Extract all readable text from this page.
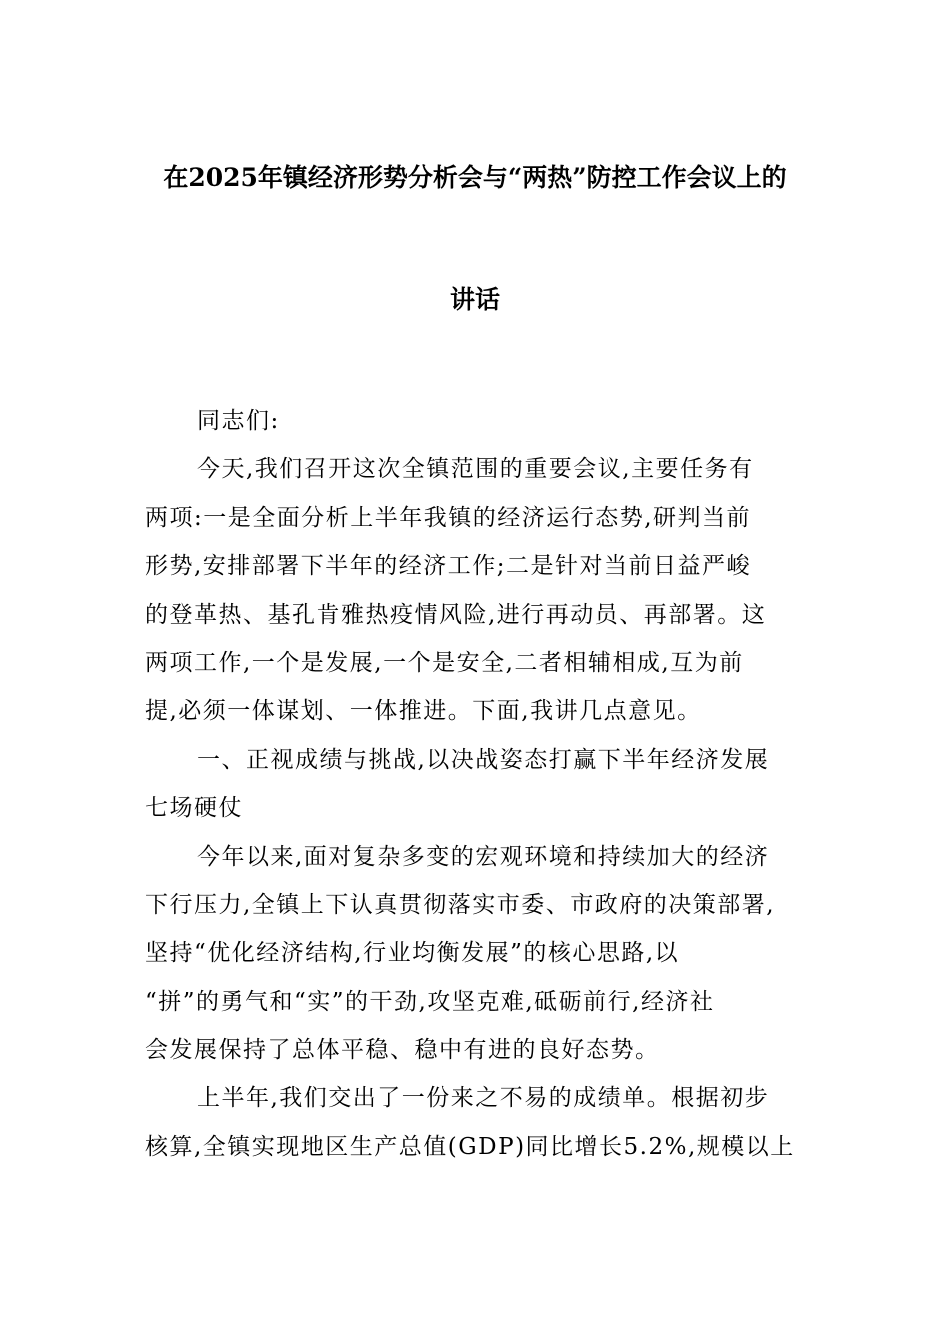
在2025年镇经济形势分析会与“两热”防控工作会议上的
讲话
同志们:
今天,我们召开这次全镇范围的重要会议,主要任务有
两项:一是全面分析上半年我镇的经济运行态势,研判当前
形势,安排部署下半年的经济工作;二是针对当前日益严峻
的登革热、基孔肯雅热疫情风险,进行再动员、再部署。这
两项工作,一个是发展,一个是安全,二者相辅相成,互为前
提,必须一体谋划、一体推进。下面,我讲几点意见。
一、正视成绩与挑战,以决战姿态打赢下半年经济发展
七场硬仗
今年以来,面对复杂多变的宏观环境和持续加大的经济
下行压力,全镇上下认真贯彻落实市委、市政府的决策部署,
坚持“优化经济结构,行业均衡发展”的核心思路,以
“拼”的勇气和“实”的干劲,攻坚克难,砥砺前行,经济社
会发展保持了总体平稳、稳中有进的良好态势。
上半年,我们交出了一份来之不易的成绩单。根据初步
核算,全镇实现地区生产总值(GDP)同比增长5.2%,规模以上
